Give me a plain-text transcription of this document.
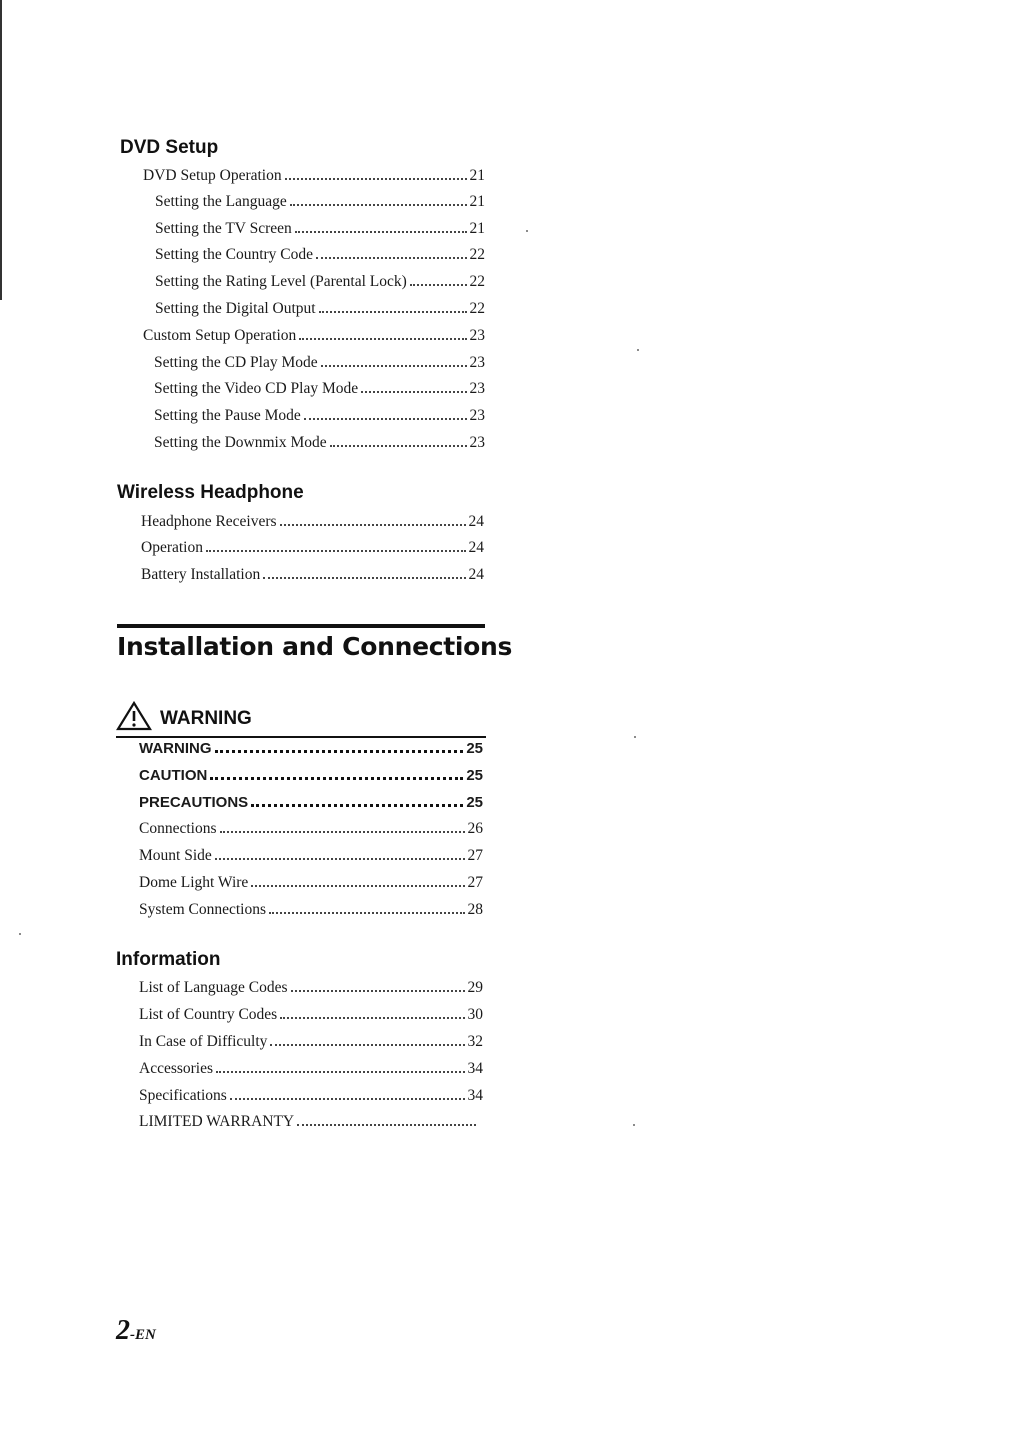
DVD Setup
DVD Setup Operation	21
Setting the Language	21
Setting the TV Screen	21
Setting the Country Code	22
Setting the Rating Level (Parental Lock)	22
Setting the Digital Output	22
Custom Setup Operation	23
Setting the CD Play Mode	23
Setting the Video CD Play Mode	23
Setting the Pause Mode	23
Setting the Downmix Mode	23
Wireless Headphone
Headphone Receivers	24
Operation	24
Battery Installation	24
Installation and Connections
WARNING
WARNING	25
CAUTION	25
PRECAUTIONS	25
Connections	26
Mount Side	27
Dome Light Wire	27
System Connections	28
Information
List of Language Codes	29
List of Country Codes	30
In Case of Difficulty	32
Accessories	34
Specifications	34
LIMITED WARRANTY
2-EN
